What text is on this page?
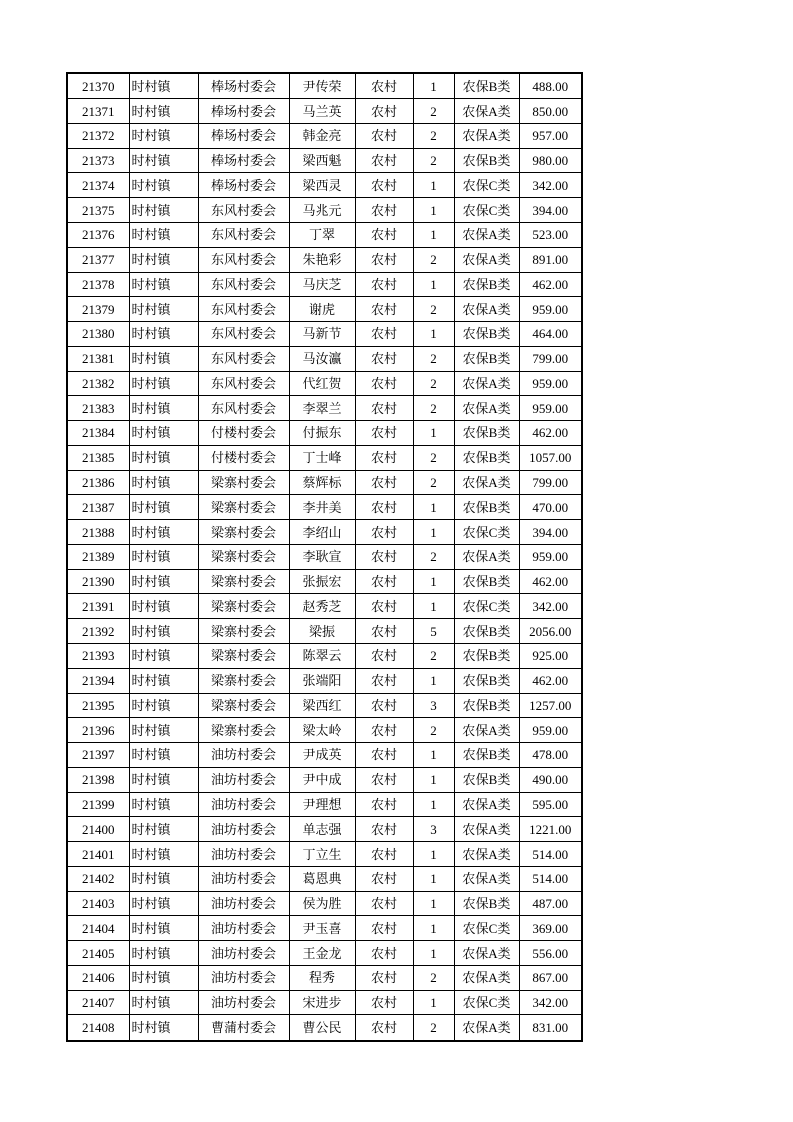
21370	时村镇	棒场村委会	尹传荣	农村	1	农保B类	488.00
21371	时村镇	棒场村委会	马兰英	农村	2	农保A类	850.00
21372	时村镇	棒场村委会	韩金亮	农村	2	农保A类	957.00
21373	时村镇	棒场村委会	梁西魁	农村	2	农保B类	980.00
21374	时村镇	棒场村委会	梁西灵	农村	1	农保C类	342.00
21375	时村镇	东风村委会	马兆元	农村	1	农保C类	394.00
21376	时村镇	东风村委会	丁翠	农村	1	农保A类	523.00
21377	时村镇	东风村委会	朱艳彩	农村	2	农保A类	891.00
21378	时村镇	东风村委会	马庆芝	农村	1	农保B类	462.00
21379	时村镇	东风村委会	谢虎	农村	2	农保A类	959.00
21380	时村镇	东风村委会	马新节	农村	1	农保B类	464.00
21381	时村镇	东风村委会	马汝瀛	农村	2	农保B类	799.00
21382	时村镇	东风村委会	代红贺	农村	2	农保A类	959.00
21383	时村镇	东风村委会	李翠兰	农村	2	农保A类	959.00
21384	时村镇	付楼村委会	付振东	农村	1	农保B类	462.00
21385	时村镇	付楼村委会	丁士峰	农村	2	农保B类	1057.00
21386	时村镇	梁寨村委会	蔡辉标	农村	2	农保A类	799.00
21387	时村镇	梁寨村委会	李井美	农村	1	农保B类	470.00
21388	时村镇	梁寨村委会	李绍山	农村	1	农保C类	394.00
21389	时村镇	梁寨村委会	李耿宣	农村	2	农保A类	959.00
21390	时村镇	梁寨村委会	张振宏	农村	1	农保B类	462.00
21391	时村镇	梁寨村委会	赵秀芝	农村	1	农保C类	342.00
21392	时村镇	梁寨村委会	梁振	农村	5	农保B类	2056.00
21393	时村镇	梁寨村委会	陈翠云	农村	2	农保B类	925.00
21394	时村镇	梁寨村委会	张端阳	农村	1	农保B类	462.00
21395	时村镇	梁寨村委会	梁西红	农村	3	农保B类	1257.00
21396	时村镇	梁寨村委会	梁太岭	农村	2	农保A类	959.00
21397	时村镇	油坊村委会	尹成英	农村	1	农保B类	478.00
21398	时村镇	油坊村委会	尹中成	农村	1	农保B类	490.00
21399	时村镇	油坊村委会	尹理想	农村	1	农保A类	595.00
21400	时村镇	油坊村委会	单志强	农村	3	农保A类	1221.00
21401	时村镇	油坊村委会	丁立生	农村	1	农保A类	514.00
21402	时村镇	油坊村委会	葛恩典	农村	1	农保A类	514.00
21403	时村镇	油坊村委会	侯为胜	农村	1	农保B类	487.00
21404	时村镇	油坊村委会	尹玉喜	农村	1	农保C类	369.00
21405	时村镇	油坊村委会	王金龙	农村	1	农保A类	556.00
21406	时村镇	油坊村委会	程秀	农村	2	农保A类	867.00
21407	时村镇	油坊村委会	宋进步	农村	1	农保C类	342.00
21408	时村镇	曹蒲村委会	曹公民	农村	2	农保A类	831.00
